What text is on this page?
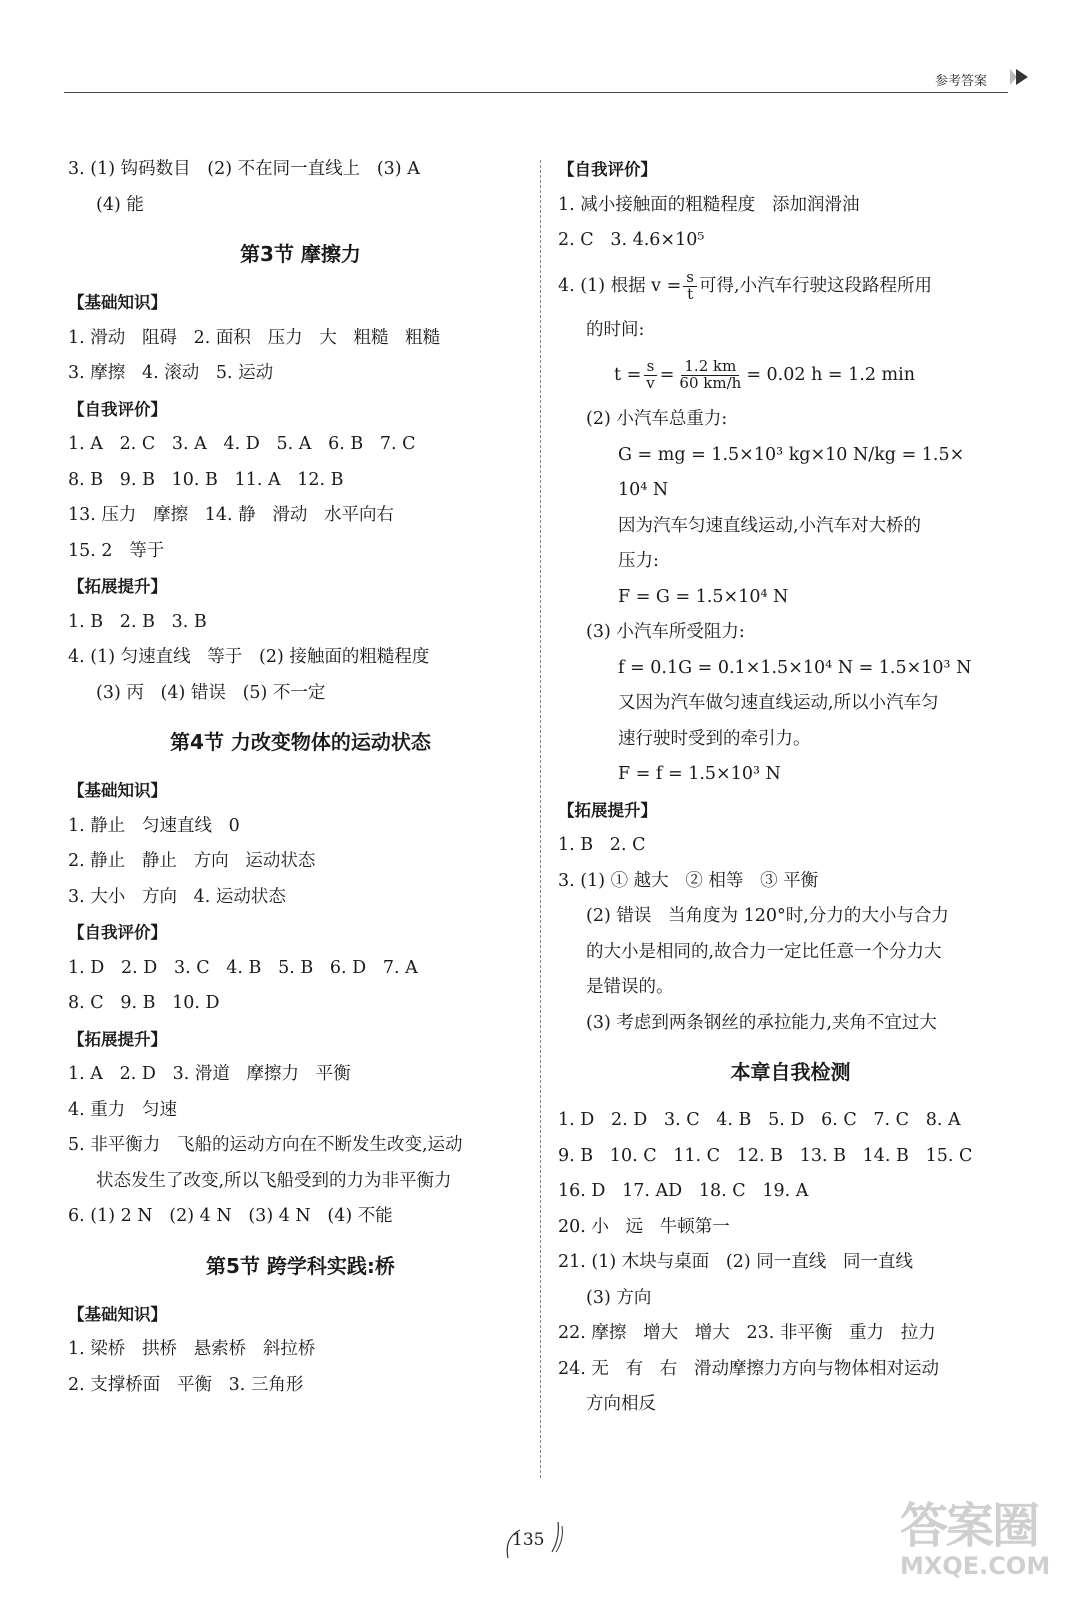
参考答案
3. (1) 钩码数目   (2) 不在同一直线上   (3) A
(4) 能
第3节 摩擦力
【基础知识】
1. 滑动   阻碍   2. 面积   压力   大   粗糙   粗糙
3. 摩擦   4. 滚动   5. 运动
【自我评价】
1. A   2. C   3. A   4. D   5. A   6. B   7. C
8. B   9. B   10. B   11. A   12. B
13. 压力   摩擦   14. 静   滑动   水平向右
15. 2   等于
【拓展提升】
1. B   2. B   3. B
4. (1) 匀速直线   等于   (2) 接触面的粗糙程度
(3) 丙   (4) 错误   (5) 不一定
第4节 力改变物体的运动状态
【基础知识】
1. 静止   匀速直线   0
2. 静止   静止   方向   运动状态
3. 大小   方向   4. 运动状态
【自我评价】
1. D   2. D   3. C   4. B   5. B   6. D   7. A
8. C   9. B   10. D
【拓展提升】
1. A   2. D   3. 滑道   摩擦力   平衡
4. 重力   匀速
5. 非平衡力   飞船的运动方向在不断发生改变,运动
状态发生了改变,所以飞船受到的力为非平衡力
6. (1) 2 N   (2) 4 N   (3) 4 N   (4) 不能
第5节 跨学科实践:桥
【基础知识】
1. 梁桥   拱桥   悬索桥   斜拉桥
2. 支撑桥面   平衡   3. 三角形
【自我评价】
1. 减小接触面的粗糙程度   添加润滑油
2. C   3. 4.6×10⁵
4. (1) 根据 $v = \frac{s}{t}$ 可得,小汽车行驶这段路程所用
的时间:
$t = \frac{s}{v} = \frac{1.2 km}{60 km/h} = 0.02$ h = 1.2 min
(2) 小汽车总重力:
G = mg = 1.5×10³ kg×10 N/kg = 1.5×
10⁴ N
因为汽车匀速直线运动,小汽车对大桥的
压力:
F = G = 1.5×10⁴ N
(3) 小汽车所受阻力:
f = 0.1G = 0.1×1.5×10⁴ N = 1.5×10³ N
又因为汽车做匀速直线运动,所以小汽车匀
速行驶时受到的牵引力。
F = f = 1.5×10³ N
【拓展提升】
1. B   2. C
3. (1) ① 越大   ② 相等   ③ 平衡
(2) 错误   当角度为 120°时,分力的大小与合力
的大小是相同的,故合力一定比任意一个分力大
是错误的。
(3) 考虑到两条钢丝的承拉能力,夹角不宜过大
本章自我检测
1. D   2. D   3. C   4. B   5. D   6. C   7. C   8. A
9. B   10. C   11. C   12. B   13. B   14. B   15. C
16. D   17. AD   18. C   19. A
20. 小   远   牛顿第一
21. (1) 木块与桌面   (2) 同一直线   同一直线
(3) 方向
22. 摩擦   增大   增大   23. 非平衡   重力   拉力
24. 无   有   右   滑动摩擦力方向与物体相对运动
方向相反
135	答案圈
MXQE.COM
